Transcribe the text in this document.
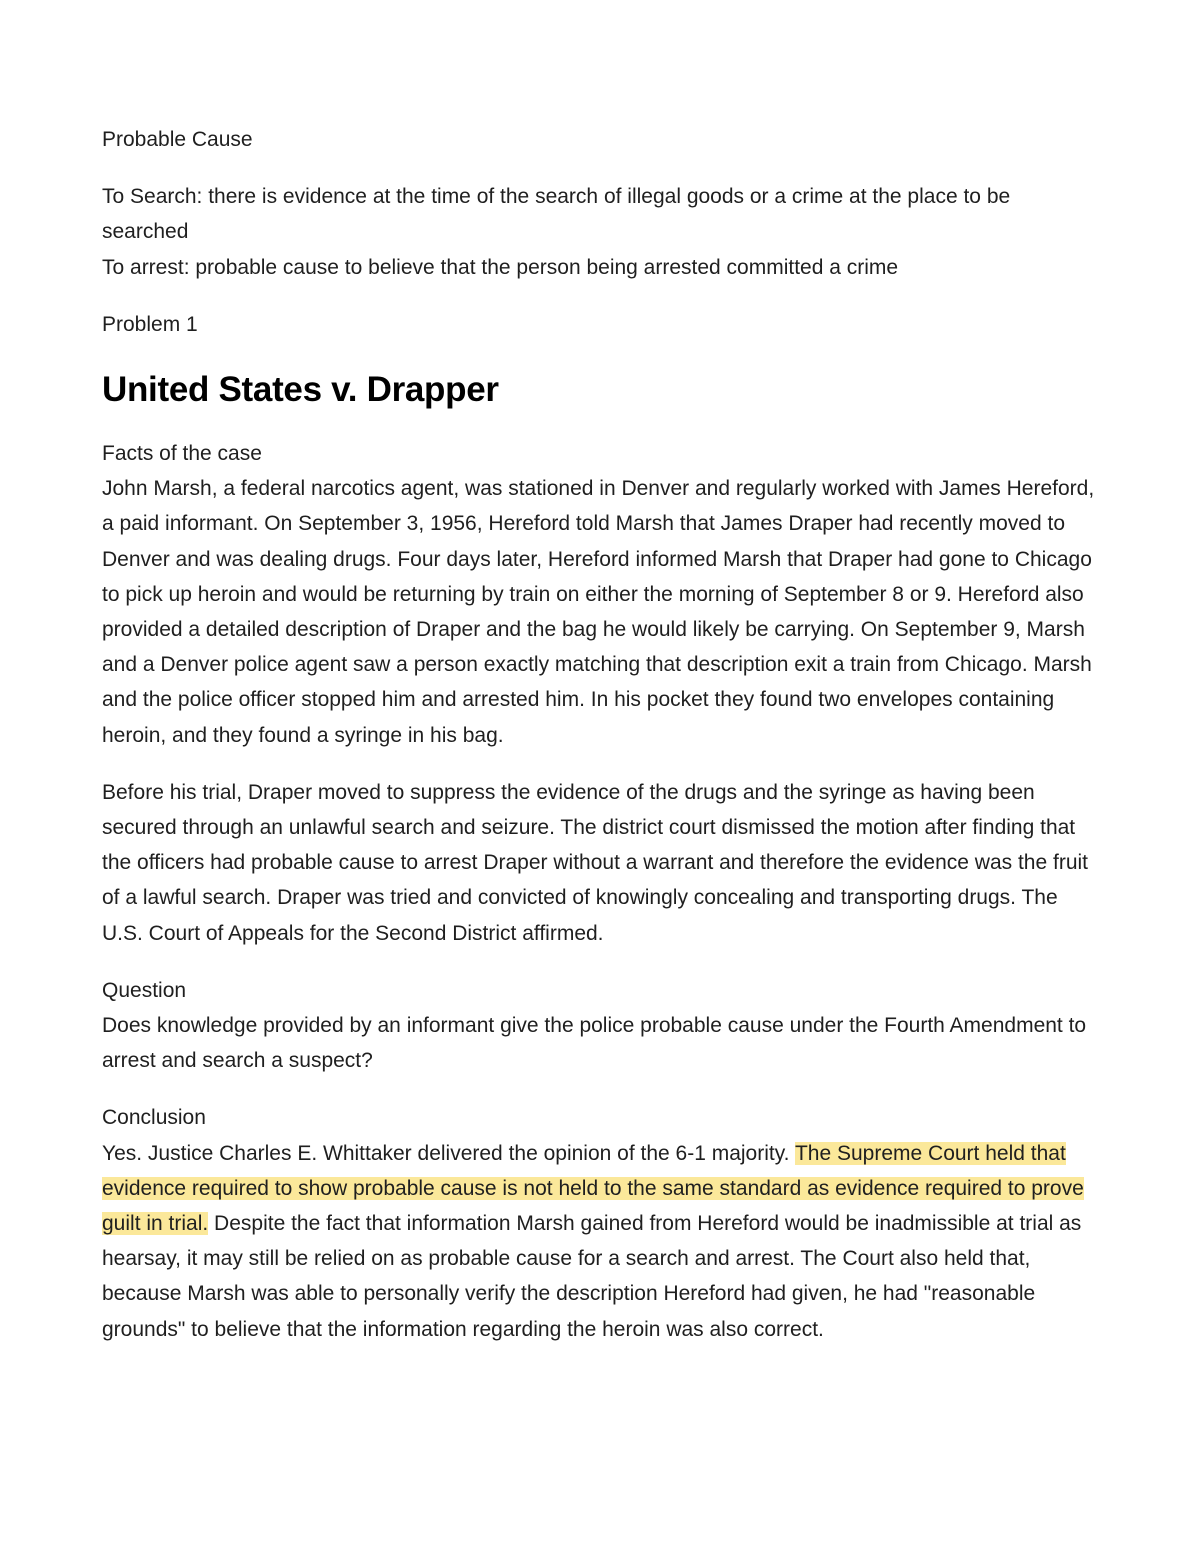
Probable Cause

To Search: there is evidence at the time of the search of illegal goods or a crime at the place to be searched

To arrest: probable cause to believe that the person being arrested committed a crime

Problem 1

United States v. Drapper

Facts of the case

John Marsh, a federal narcotics agent, was stationed in Denver and regularly worked with James Hereford, a paid informant. On September 3, 1956, Hereford told Marsh that James Draper had recently moved to Denver and was dealing drugs. Four days later, Hereford informed Marsh that Draper had gone to Chicago to pick up heroin and would be returning by train on either the morning of September 8 or 9. Hereford also provided a detailed description of Draper and the bag he would likely be carrying. On September 9, Marsh and a Denver police agent saw a person exactly matching that description exit a train from Chicago. Marsh and the police officer stopped him and arrested him. In his pocket they found two envelopes containing heroin, and they found a syringe in his bag.

Before his trial, Draper moved to suppress the evidence of the drugs and the syringe as having been secured through an unlawful search and seizure. The district court dismissed the motion after finding that the officers had probable cause to arrest Draper without a warrant and therefore the evidence was the fruit of a lawful search. Draper was tried and convicted of knowingly concealing and transporting drugs. The U.S. Court of Appeals for the Second District affirmed.

Question

Does knowledge provided by an informant give the police probable cause under the Fourth Amendment to arrest and search a suspect?

Conclusion

Yes. Justice Charles E. Whittaker delivered the opinion of the 6-1 majority. The Supreme Court held that evidence required to show probable cause is not held to the same standard as evidence required to prove guilt in trial. Despite the fact that information Marsh gained from Hereford would be inadmissible at trial as hearsay, it may still be relied on as probable cause for a search and arrest. The Court also held that, because Marsh was able to personally verify the description Hereford had given, he had "reasonable grounds" to believe that the information regarding the heroin was also correct.
